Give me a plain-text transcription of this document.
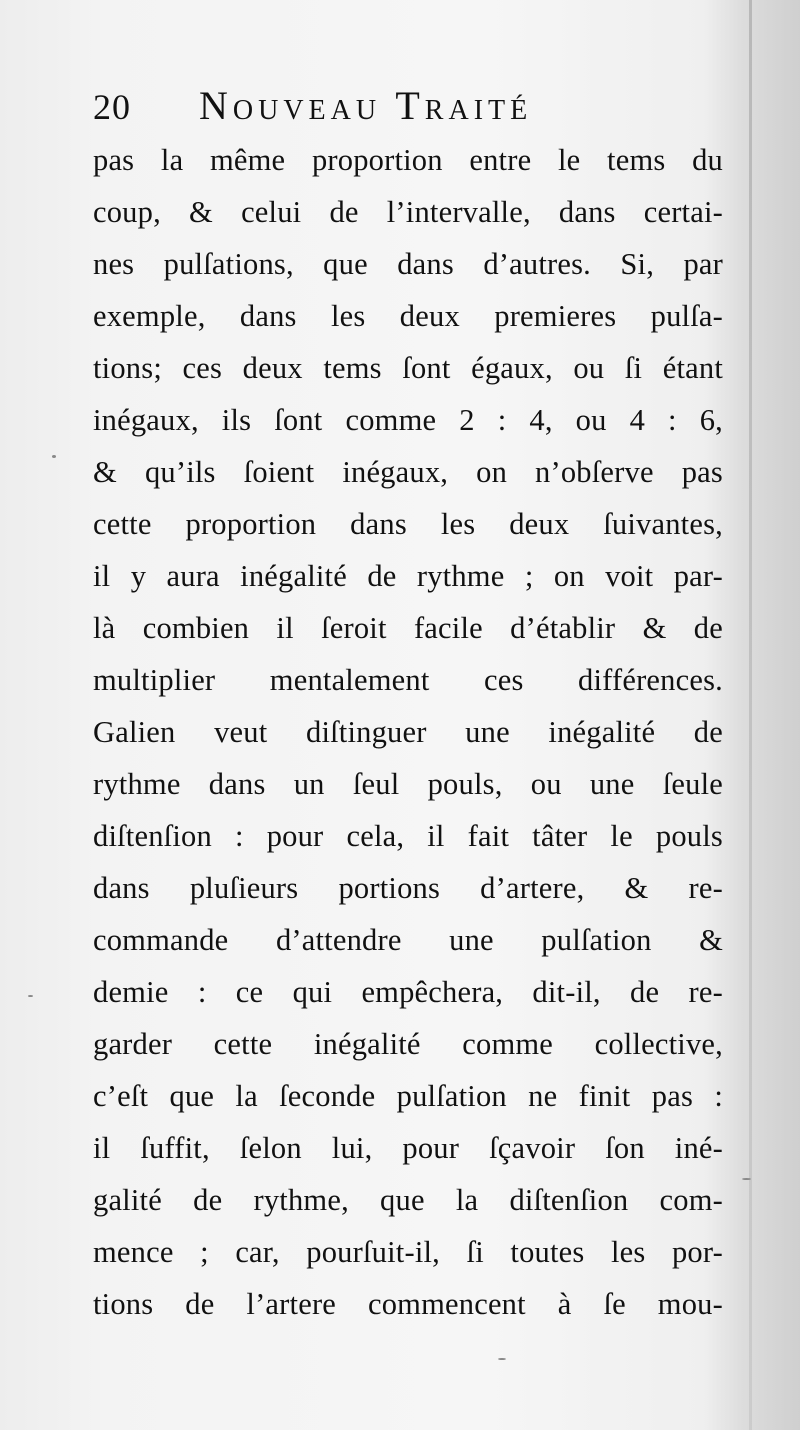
20 Nouveau Traité
pas la même proportion entre le tems du
coup, & celui de l’intervalle, dans certai-
nes pulſations, que dans d’autres. Si, par
exemple, dans les deux premieres pulſa-
tions; ces deux tems ſont égaux, ou ſi étant
inégaux, ils ſont comme 2 : 4, ou 4 : 6,
& qu’ils ſoient inégaux, on n’obſerve pas
cette proportion dans les deux ſuivantes,
il y aura inégalité de rythme ; on voit par-
là combien il ſeroit facile d’établir & de
multiplier mentalement ces différences.
Galien veut diſtinguer une inégalité de
rythme dans un ſeul pouls, ou une ſeule
diſtenſion : pour cela, il fait tâter le pouls
dans pluſieurs portions d’artere, & re-
commande d’attendre une pulſation &
demie : ce qui empêchera, dit-il, de re-
garder cette inégalité comme collective,
c’eſt que la ſeconde pulſation ne finit pas :
il ſuffit, ſelon lui, pour ſçavoir ſon iné-
galité de rythme, que la diſtenſion com-
mence ; car, pourſuit-il, ſi toutes les por-
tions de l’artere commencent à ſe mou-
